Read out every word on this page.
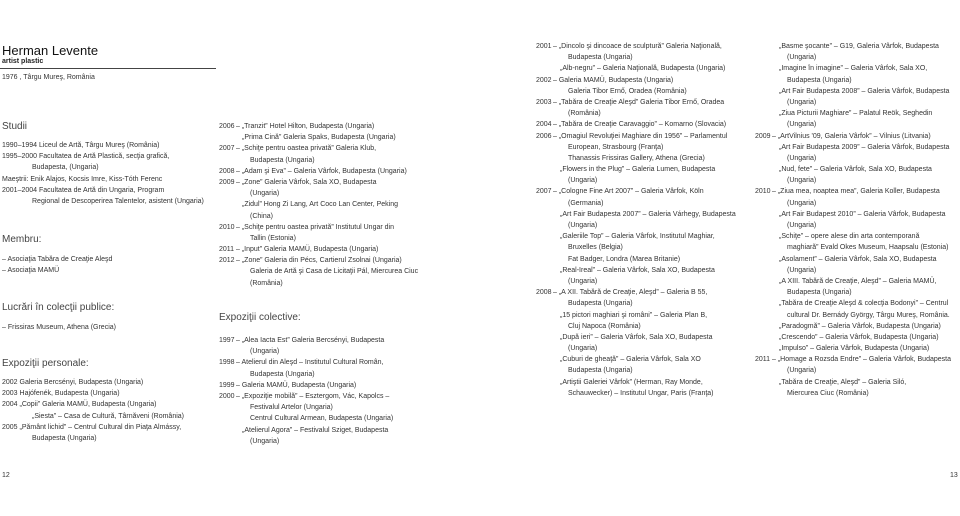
Herman Levente
artist plastic
1976 , Târgu Mureş, România
Studii
1990–1994 Liceul de Artă, Târgu Mureş (România)
1995–2000 Facultatea de Artă Plastică, secţia grafică,
Budapesta, (Ungaria)
Maeştrii: Enik Alajos, Kocsis Imre, Kiss-Tóth Ferenc
2001–2004 Facultatea de Artă din Ungaria, Program
Regional de Descoperirea Talentelor, asistent (Ungaria)
Membru:
– Asociaţia Tabăra de Creaţie Aleşd
– Asociaţia MAMÜ
Lucrări în colecţii publice:
– Frissiras Museum, Athena (Grecia)
Expoziţii personale:
2002 Galeria Bercsényi, Budapesta (Ungaria)
2003 Hajófenék, Budapesta (Ungaria)
2004 „Copii” Galeria MAMÜ, Budapesta (Ungaria)
„Siesta” – Casa de Cultură, Târnăveni (România)
2005 „Pământ lichid” – Centrul Cultural din Piaţa Almássy,
Budapesta (Ungaria)
2006 – „Tranzit” Hotel Hilton, Budapesta (Ungaria)
„Prima Cină” Galeria Spaks, Budapesta (Ungaria)
2007 – „Schiţe pentru oastea privată” Galeria Klub,
Budapesta (Ungaria)
2008 – „Adam şi Eva” – Galeria Vârfok, Budapesta (Ungaria)
2009 – „Zone” Galeria Vârfok, Sala XO, Budapesta
(Ungaria)
„Zidul” Hong Zi Lang, Art Coco Lan Center, Peking
(China)
2010 – „Schiţe pentru oastea privată” Institutul Ungar din
Tallin (Estonia)
2011 – „Input” Galeria MAMÜ, Budapesta (Ungaria)
2012 – „Zone” Galeria din Pécs, Cartierul Zsolnai (Ungaria)
Galeria de Artă şi Casa de Licitaţii Pál, Miercurea Ciuc
(România)
Expoziţii colective:
1997 – „Alea Iacta Est” Galeria Bercsényi, Budapesta
(Ungaria)
1998 – Atelierul din Aleşd – Institutul Cultural Român,
Budapesta (Ungaria)
1999 – Galeria MAMÜ, Budapesta (Ungaria)
2000 – „Expoziţie mobilă” – Esztergom, Vác, Kapolcs –
Festivalul Artelor (Ungaria)
Centrul Cultural Armean, Budapesta (Ungaria)
„Atelierul Agora” – Festivalul Sziget, Budapesta
(Ungaria)
2001 – „Dincolo şi dincoace de sculptură” Galeria Naţională,
Budapesta (Ungaria)
„Alb-negru” – Galeria Naţională, Budapesta (Ungaria)
2002 – Galeria MAMÜ, Budapesta (Ungaria)
Galeria Tibor Ernő, Oradea (România)
2003 – „Tabăra de Creaţie Aleşd” Galeria Tibor Ernő, Oradea
(România)
2004 – „Tabăra de Creaţie Caravaggio” – Komarno (Slovacia)
2006 – „Omagiul Revoluţiei Maghiare din 1956” – Parlamentul
European, Strasbourg (Franţa)
Thanassis Frissiras Gallery, Athena (Grecia)
„Flowers in the Plug” – Galeria Lumen, Budapesta
(Ungaria)
2007 – „Cologne Fine Art 2007” – Galeria Vârfok, Köln
(Germania)
„Art Fair Budapesta 2007” – Galeria Várhegy, Budapesta
(Ungaria)
„Galeriile Top” – Galeria Vârfok, Institutul Maghiar,
Bruxelles (Belgia)
Fat Badger, Londra (Marea Britanie)
„Real-Ireal” – Galeria Vârfok, Sala XO, Budapesta
(Ungaria)
2008 – „A XII. Tabără de Creaţie, Aleşd” – Galeria B 55,
Budapesta (Ungaria)
„15 pictori maghiari şi români” – Galeria Plan B,
Cluj Napoca (România)
„După ieri” – Galeria Vârfok, Sala XO, Budapesta
(Ungaria)
„Cuburi de gheaţă” – Galeria Vârfok, Sala XO
Budapesta (Ungaria)
„Artiştii Galeriei Vârfok” (Herman, Ray Monde,
Schauwecker) – Institutul Ungar, Paris (Franţa)
„Basme şocante” – G19, Galeria Vârfok, Budapesta
(Ungaria)
„Imagine în imagine” – Galeria Vârfok, Sala XO,
Budapesta (Ungaria)
„Art Fair Budapesta 2008” – Galeria Vârfok, Budapesta
(Ungaria)
„Ziua Picturii Maghiare” – Palatul Reök, Seghedin
(Ungaria)
2009 – „ArtVilnius '09, Galeria Vârfok” – Vilnius (Litvania)
„Art Fair Budapesta 2009” – Galeria Vârfok, Budapesta
(Ungaria)
„Nud, fete” – Galeria Vârfok, Sala XO, Budapesta
(Ungaria)
2010 – „Ziua mea, noaptea mea”, Galeria Koller, Budapesta
(Ungaria)
„Art Fair Budapest 2010” – Galeria Vârfok, Budapesta
(Ungaria)
„Schiţe” – opere alese din arta contemporană
maghiară” Evald Okes Museum, Haapsalu (Estonia)
„Asolament” – Galeria Vârfok, Sala XO, Budapesta
(Ungaria)
„A XIII. Tabără de Creaţie, Aleşd” – Galeria MAMÜ,
Budapesta (Ungaria)
„Tabăra de Creaţie Aleşd & colecţia Bodonyi” – Centrul
cultural Dr. Bernády György, Târgu Mureş, România.
„Paradogmă” – Galeria Vârfok, Budapesta (Ungaria)
„Crescendo” – Galeria Vârfok, Budapesta (Ungaria)
„Impulso” – Galeria Vârfok, Budapesta (Ungaria)
2011 – „Homage a Rozsda Endre” – Galeria Vârfok, Budapesta
(Ungaria)
„Tabăra de Creaţie, Aleşd” – Galeria Siló,
Miercurea Ciuc (România)
12	13
